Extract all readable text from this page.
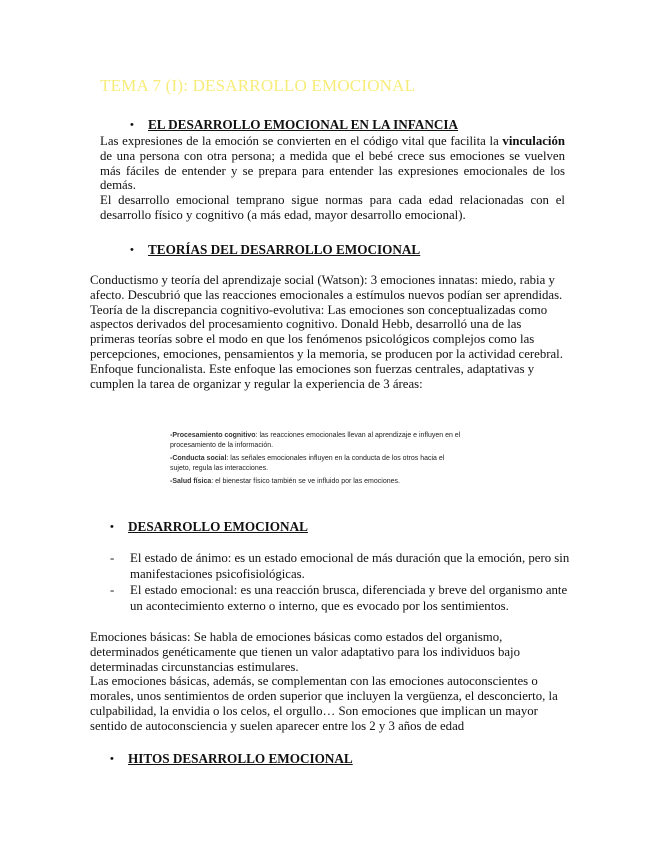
TEMA 7 (I): DESARROLLO EMOCIONAL
• EL DESARROLLO EMOCIONAL EN LA INFANCIA

Las expresiones de la emoción se convierten en el código vital que facilita la vinculación de una persona con otra persona; a medida que el bebé crece sus emociones se vuelven más fáciles de entender y se prepara para entender las expresiones emocionales de los demás.

El desarrollo emocional temprano sigue normas para cada edad relacionadas con el desarrollo físico y cognitivo (a más edad, mayor desarrollo emocional).

• TEORÍAS DEL DESARROLLO EMOCIONAL

Conductismo y teoría del aprendizaje social (Watson): 3 emociones innatas: miedo, rabia y afecto. Descubrió que las reacciones emocionales a estímulos nuevos podían ser aprendidas.

Teoría de la discrepancia cognitivo-evolutiva: Las emociones son conceptualizadas como aspectos derivados del procesamiento cognitivo. Donald Hebb, desarrolló una de las primeras teorías sobre el modo en que los fenómenos psicológicos complejos como las percepciones, emociones, pensamientos y la memoria, se producen por la actividad cerebral.

Enfoque funcionalista. Este enfoque las emociones son fuerzas centrales, adaptativas y cumplen la tarea de organizar y regular la experiencia de 3 áreas:

-Procesamiento cognitivo: las reacciones emocionales llevan al aprendizaje e influyen en el procesamiento de la información.

-Conducta social: las señales emocionales influyen en la conducta de los otros hacia el sujeto, regula las interacciones.

-Salud física: el bienestar físico también se ve influido por las emociones.

• DESARROLLO EMOCIONAL
- El estado de ánimo: es un estado emocional de más duración que la emoción, pero sin manifestaciones psicofisiológicas.
- El estado emocional: es una reacción brusca, diferenciada y breve del organismo ante un acontecimiento externo o interno, que es evocado por los sentimientos.

Emociones básicas: Se habla de emociones básicas como estados del organismo, determinados genéticamente que tienen un valor adaptativo para los individuos bajo determinadas circunstancias estimulares.

Las emociones básicas, además, se complementan con las emociones autoconscientes o morales, unos sentimientos de orden superior que incluyen la vergüenza, el desconcierto, la culpabilidad, la envidia o los celos, el orgullo… Son emociones que implican un mayor sentido de autoconsciencia y suelen aparecer entre los 2 y 3 años de edad

• HITOS DESARROLLO EMOCIONAL
